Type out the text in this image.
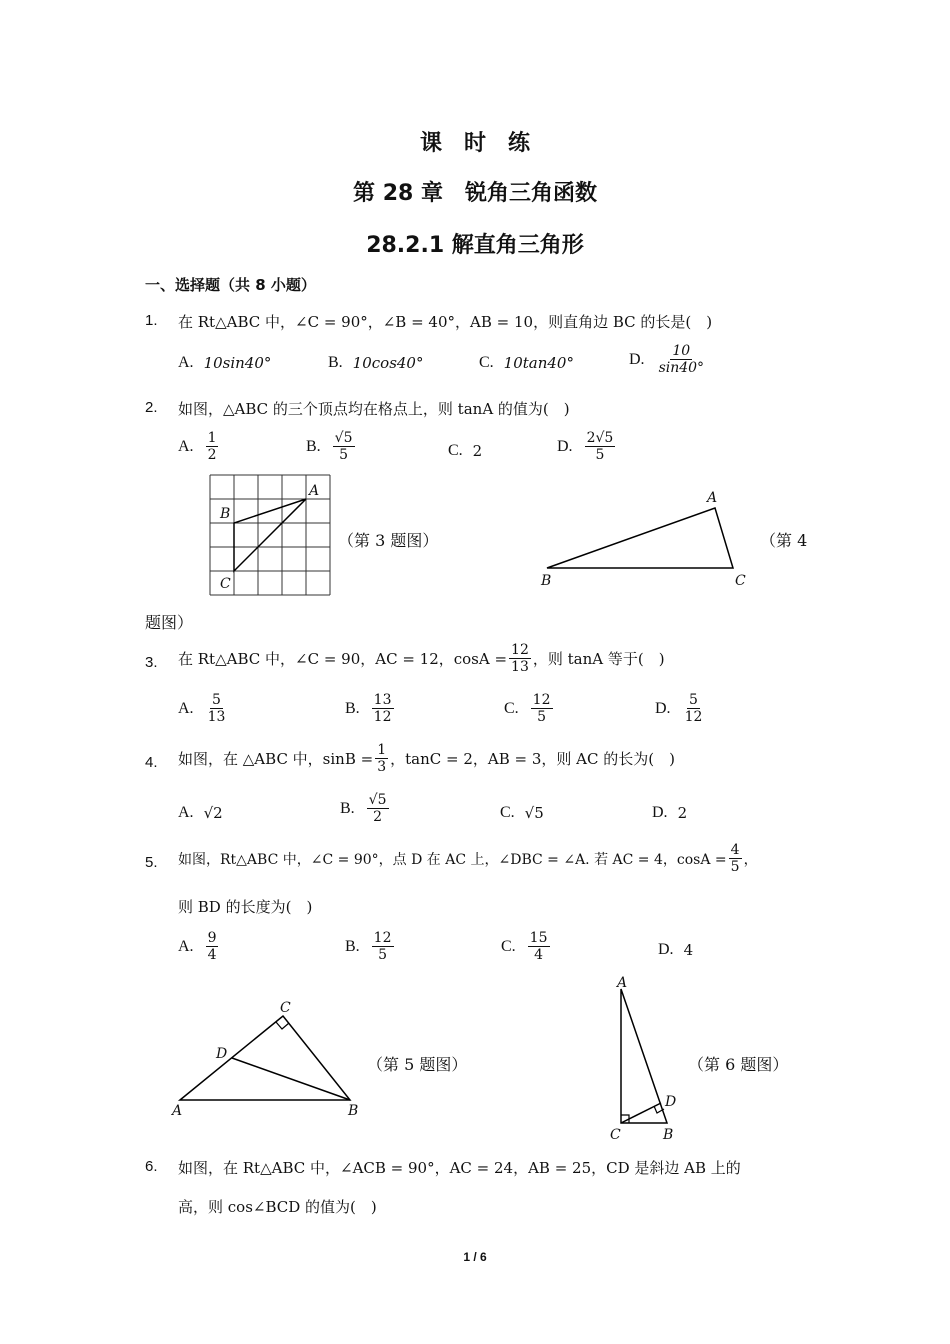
课　时　练
第 28 章　锐角三角函数
28.2.1 解直角三角形
一、选择题（共 8 小题）
1. 在 Rt△ABC 中，∠C = 90°，∠B = 40°，AB = 10，则直角边 BC 的长是(　)
A. 10sin40°	B. 10cos40°	C. 10tan40°	D. $\frac{10}{\sin 40^\circ}$
2. 如图，△ABC 的三个顶点均在格点上，则 tanA 的值为(　)
A. $\frac{1}{2}$	B. $\frac{√5}{5}$	C. 2	D. $\frac{2√5}{5}$
A
B
C
（第 3 题图）
A
B	C
（第 4
题图）
3. 在 Rt△ABC 中，∠C = 90，AC = 12，$\cos A = \frac{12}{13}$ ，则 tanA 等于(　)
A. $\frac{5}{13}$	B. $\frac{13}{12}$	C. $\frac{12}{5}$	D. $\frac{5}{12}$
4. 如图，在 △ABC 中，$\sin B = \frac{1}{3}$ ，tanC = 2，AB = 3，则 AC 的长为(　)
A. √2	B. $\frac{√5}{2}$	C. √5	D. 2
5. 如图，Rt△ABC 中，∠C = 90°，点 D 在 AC 上，∠DBC = ∠A. 若 AC = 4，$\cos A = \frac{4}{5}$ ，
则 BD 的长度为(　)
A. $\frac{9}{4}$	B. $\frac{12}{5}$	C. $\frac{15}{4}$	D. 4
C
D
A	B
（第 5 题图）
A
D
C	B
（第 6 题图）
6. 如图，在 Rt△ABC 中，∠ACB = 90°，AC = 24，AB = 25，CD 是斜边 AB 上的
高，则 cos∠BCD 的值为(　)
1 / 6
